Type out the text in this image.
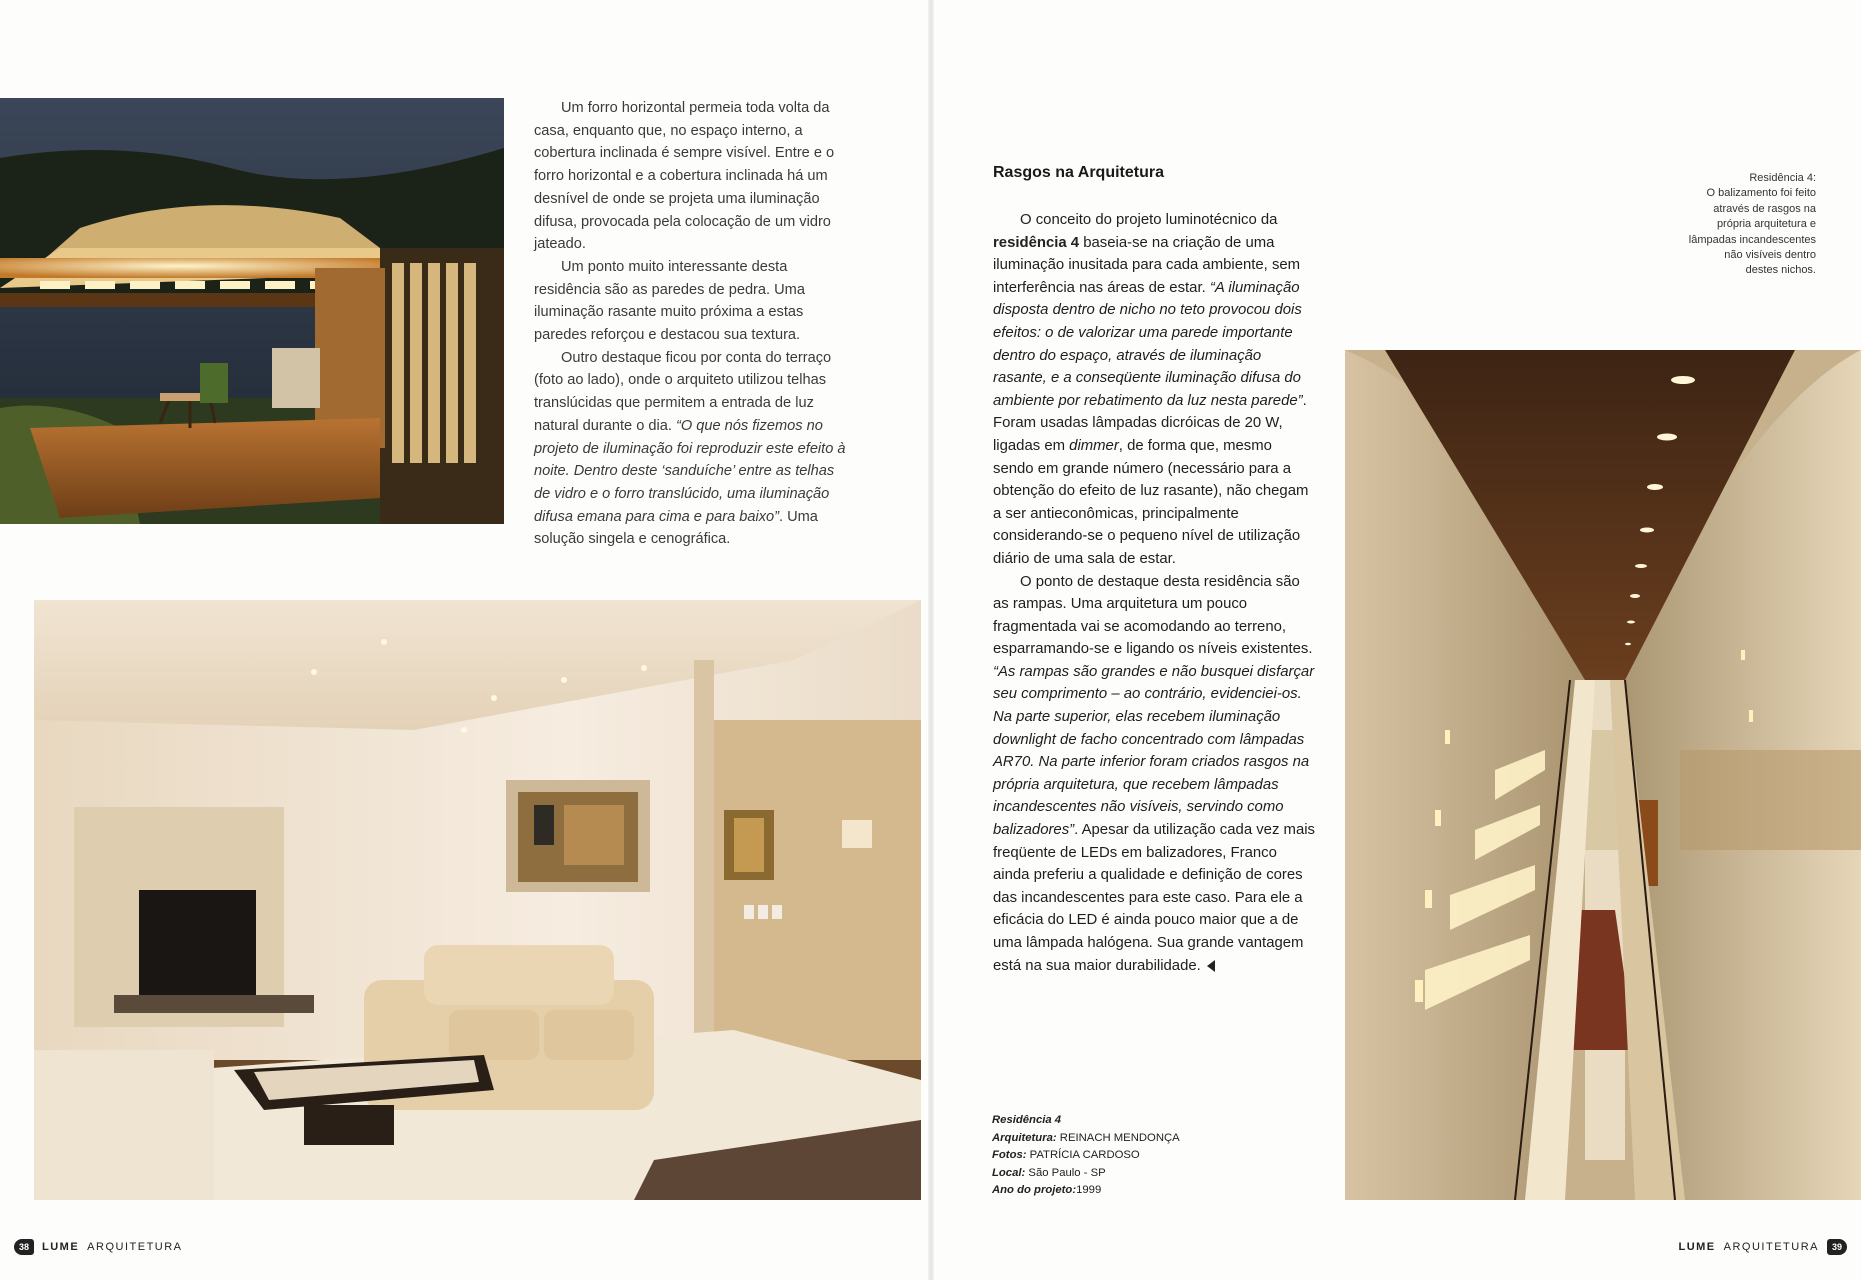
Um forro horizontal permeia toda volta da casa, enquanto que, no espaço interno, a cobertura inclinada é sempre visível. Entre e o forro horizontal e a cobertura inclinada há um desnível de onde se projeta uma iluminação difusa, provocada pela colocação de um vidro jateado.

Um ponto muito interessante desta residência são as paredes de pedra. Uma iluminação rasante muito próxima a estas paredes reforçou e destacou sua textura.

Outro destaque ficou por conta do terraço (foto ao lado), onde o arquiteto utilizou telhas translúcidas que permitem a entrada de luz natural durante o dia. “O que nós fizemos no projeto de iluminação foi reproduzir este efeito à noite. Dentro deste ‘sanduíche’ entre as telhas de vidro e o forro translúcido, uma iluminação difusa emana para cima e para baixo”. Uma solução singela e cenográfica.

Rasgos na Arquitetura

O conceito do projeto luminotécnico da residência 4 baseia-se na criação de uma iluminação inusitada para cada ambiente, sem interferência nas áreas de estar. “A iluminação disposta dentro de nicho no teto provocou dois efeitos: o de valorizar uma parede importante dentro do espaço, através de iluminação rasante, e a conseqüente iluminação difusa do ambiente por rebatimento da luz nesta parede”. Foram usadas lâmpadas dicróicas de 20 W, ligadas em dimmer, de forma que, mesmo sendo em grande número (necessário para a obtenção do efeito de luz rasante), não chegam a ser antieconômicas, principalmente considerando-se o pequeno nível de utilização diário de uma sala de estar.

O ponto de destaque desta residência são as rampas. Uma arquitetura um pouco fragmentada vai se acomodando ao terreno, esparramando-se e ligando os níveis existentes. “As rampas são grandes e não busquei disfarçar seu comprimento – ao contrário, evidenciei-os. Na parte superior, elas recebem iluminação downlight de facho concentrado com lâmpadas AR70. Na parte inferior foram criados rasgos na própria arquitetura, que recebem lâmpadas incandescentes não visíveis, servindo como balizadores”. Apesar da utilização cada vez mais freqüente de LEDs em balizadores, Franco ainda preferiu a qualidade e definição de cores das incandescentes para este caso. Para ele a eficácia do LED é ainda pouco maior que a de uma lâmpada halógena. Sua grande vantagem está na sua maior durabilidade.

Residência 4:
O balizamento foi feito
através de rasgos na
própria arquitetura e
lâmpadas incandescentes
não visíveis dentro
destes nichos.
Residência 4
Arquitetura: REINACH MENDONÇA
Fotos: PATRÍCIA CARDOSO
Local: São Paulo - SP
Ano do projeto:1999
38	LUME ARQUITETURA	LUME ARQUITETURA	39
